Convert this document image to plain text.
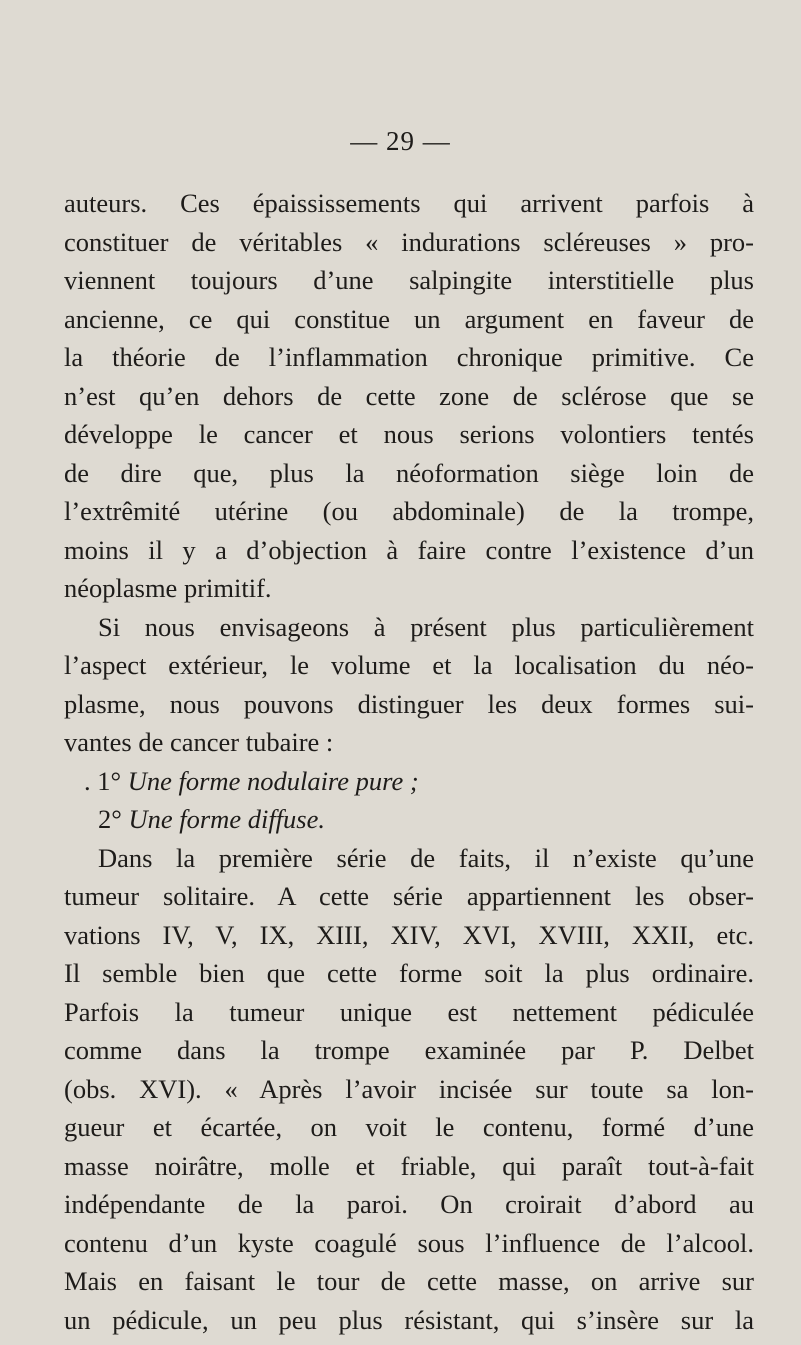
— 29 —
auteurs. Ces épaississements qui arrivent parfois à
constituer de véritables « indurations scléreuses » pro-
viennent toujours d’une salpingite interstitielle plus
ancienne, ce qui constitue un argument en faveur de
la théorie de l’inflammation chronique primitive. Ce
n’est qu’en dehors de cette zone de sclérose que se
développe le cancer et nous serions volontiers tentés
de dire que, plus la néoformation siège loin de
l’extrêmité utérine (ou abdominale) de la trompe,
moins il y a d’objection à faire contre l’existence d’un
néoplasme primitif.
Si nous envisageons à présent plus particulièrement
l’aspect extérieur, le volume et la localisation du néo-
plasme, nous pouvons distinguer les deux formes sui-
vantes de cancer tubaire :
. 1° Une forme nodulaire pure ;
2° Une forme diffuse.
Dans la première série de faits, il n’existe qu’une
tumeur solitaire. A cette série appartiennent les obser-
vations IV, V, IX, XIII, XIV, XVI, XVIII, XXII, etc.
Il semble bien que cette forme soit la plus ordinaire.
Parfois la tumeur unique est nettement pédiculée
comme dans la trompe examinée par P. Delbet
(obs. XVI). « Après l’avoir incisée sur toute sa lon-
gueur et écartée, on voit le contenu, formé d’une
masse noirâtre, molle et friable, qui paraît tout-à-fait
indépendante de la paroi. On croirait d’abord au
contenu d’un kyste coagulé sous l’influence de l’alcool.
Mais en faisant le tour de cette masse, on arrive sur
un pédicule, un peu plus résistant, qui s’insère sur la
